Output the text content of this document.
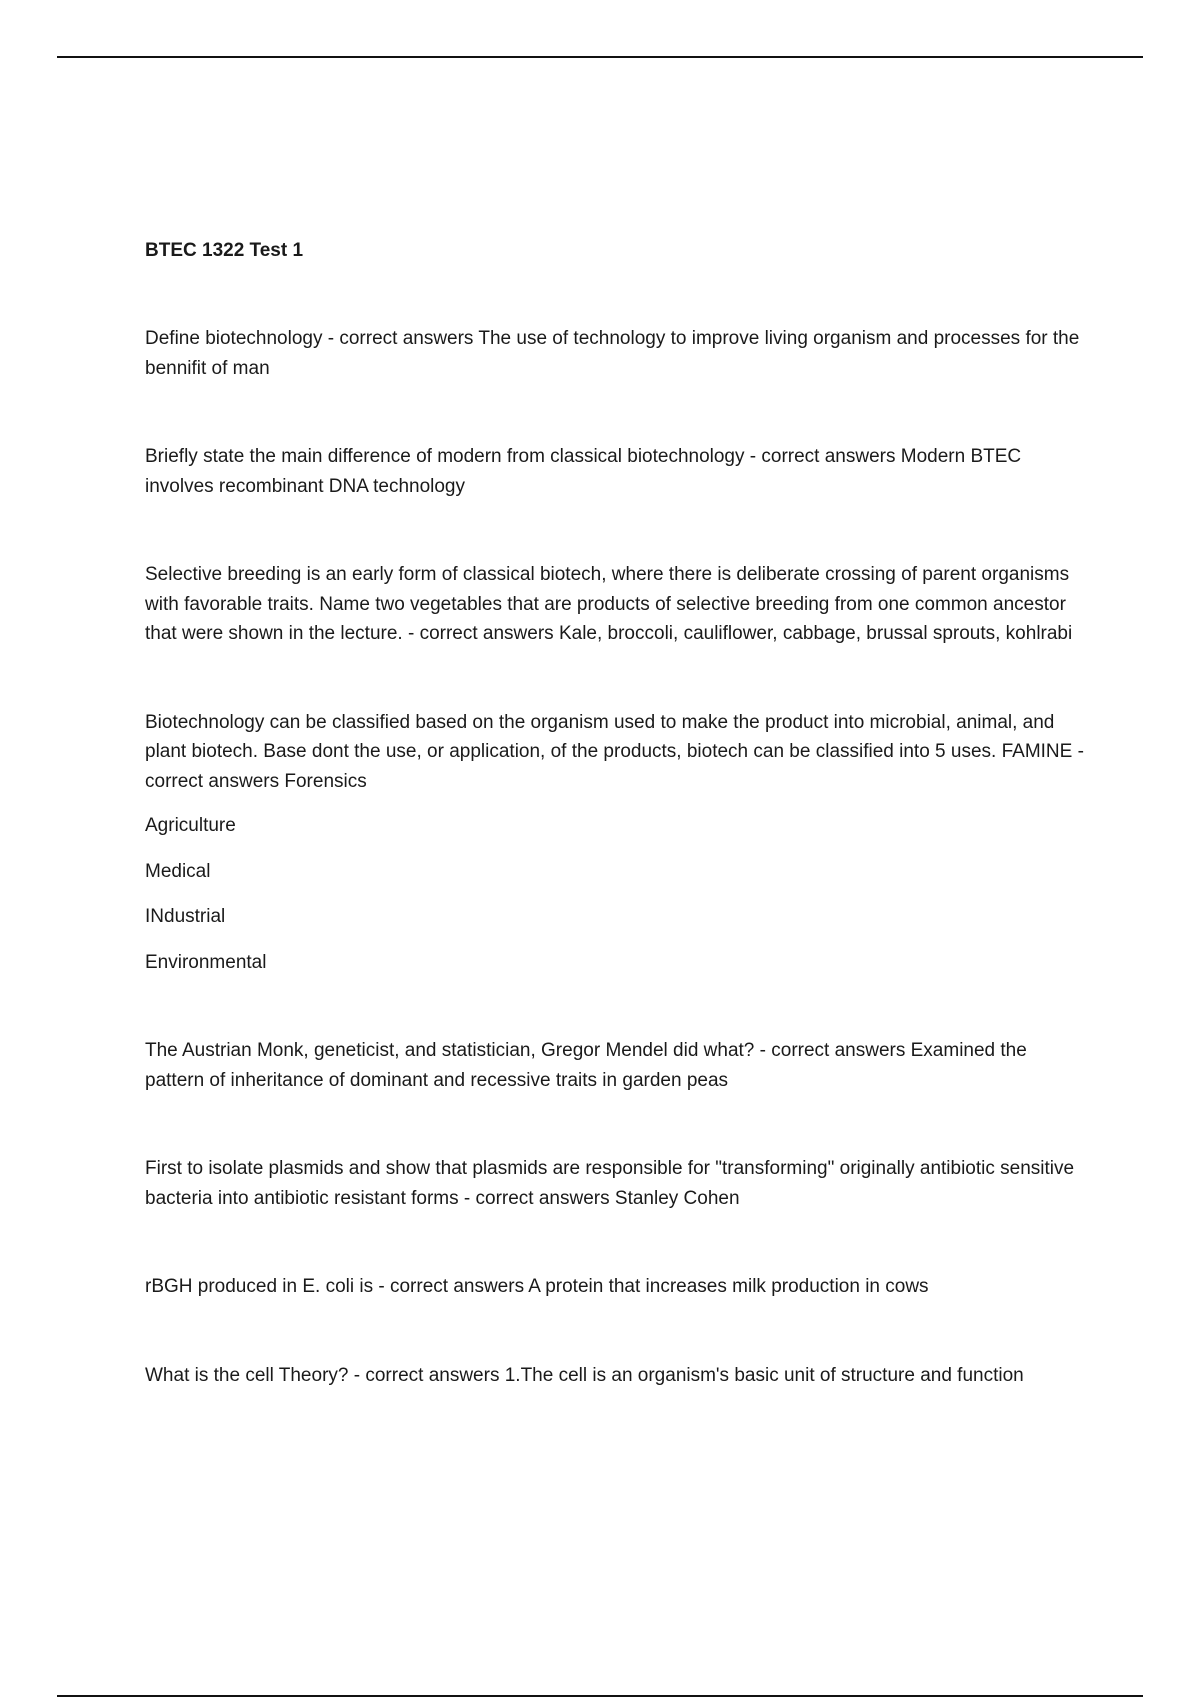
BTEC 1322 Test 1
Define biotechnology - correct answers The use of technology to improve living organism and processes for the bennifit of man
Briefly state the main difference of modern from classical biotechnology - correct answers Modern BTEC involves recombinant DNA technology
Selective breeding is an early form of classical biotech, where there is deliberate crossing of parent organisms with favorable traits. Name two vegetables that are products of selective breeding from one common ancestor that were shown in the lecture. - correct answers Kale, broccoli, cauliflower, cabbage, brussal sprouts, kohlrabi
Biotechnology can be classified based on the organism used to make the product into microbial, animal, and plant biotech. Base dont the use, or application, of the products, biotech can be classified into 5 uses. FAMINE - correct answers Forensics
Agriculture
Medical
INdustrial
Environmental
The Austrian Monk, geneticist, and statistician, Gregor Mendel did what? - correct answers Examined the pattern of inheritance of dominant and recessive traits in garden peas
First to isolate plasmids and show that plasmids are responsible for "transforming" originally antibiotic sensitive bacteria into antibiotic resistant forms - correct answers Stanley Cohen
rBGH produced in E. coli is - correct answers A protein that increases milk production in cows
What is the cell Theory? - correct answers 1.The cell is an organism's basic unit of structure and function
